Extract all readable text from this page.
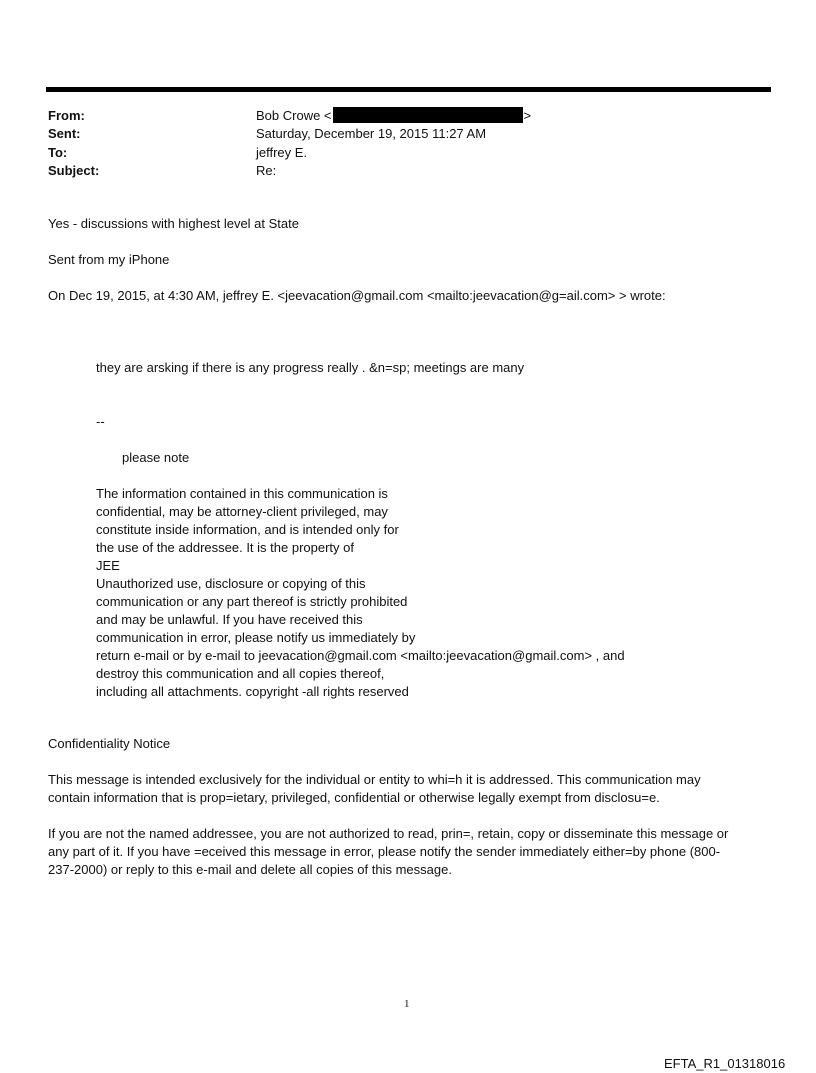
From:	Bob Crowe <	>
Sent:	Saturday, December 19, 2015 11:27 AM
To:	jeffrey E.
Subject:	Re:
Yes - discussions with highest level at State
Sent from my iPhone
On Dec 19, 2015, at 4:30 AM, jeffrey E. <jeevacation@gmail.com <mailto:jeevacation@g=ail.com> > wrote:
they are arsking if there is any progress really . &n=sp; meetings are many
--
please note
The information contained in this communication is
confidential, may be attorney-client privileged, may
constitute inside information, and is intended only for
the use of the addressee. It is the property of
JEE
Unauthorized use, disclosure or copying of this
communication or any part thereof is strictly prohibited
and may be unlawful. If you have received this
communication in error, please notify us immediately by
return e-mail or by e-mail to jeevacation@gmail.com <mailto:jeevacation@gmail.com> , and
destroy this communication and all copies thereof,
including all attachments. copyright -all rights reserved
Confidentiality Notice
This message is intended exclusively for the individual or entity to whi=h it is addressed. This communication may
contain information that is prop=ietary, privileged, confidential or otherwise legally exempt from disclosu=e.
If you are not the named addressee, you are not authorized to read, prin=, retain, copy or disseminate this message or
any part of it. If you have =eceived this message in error, please notify the sender immediately either=by phone (800-
237-2000) or reply to this e-mail and delete all copies of this message.
1
EFTA_R1_01318016
